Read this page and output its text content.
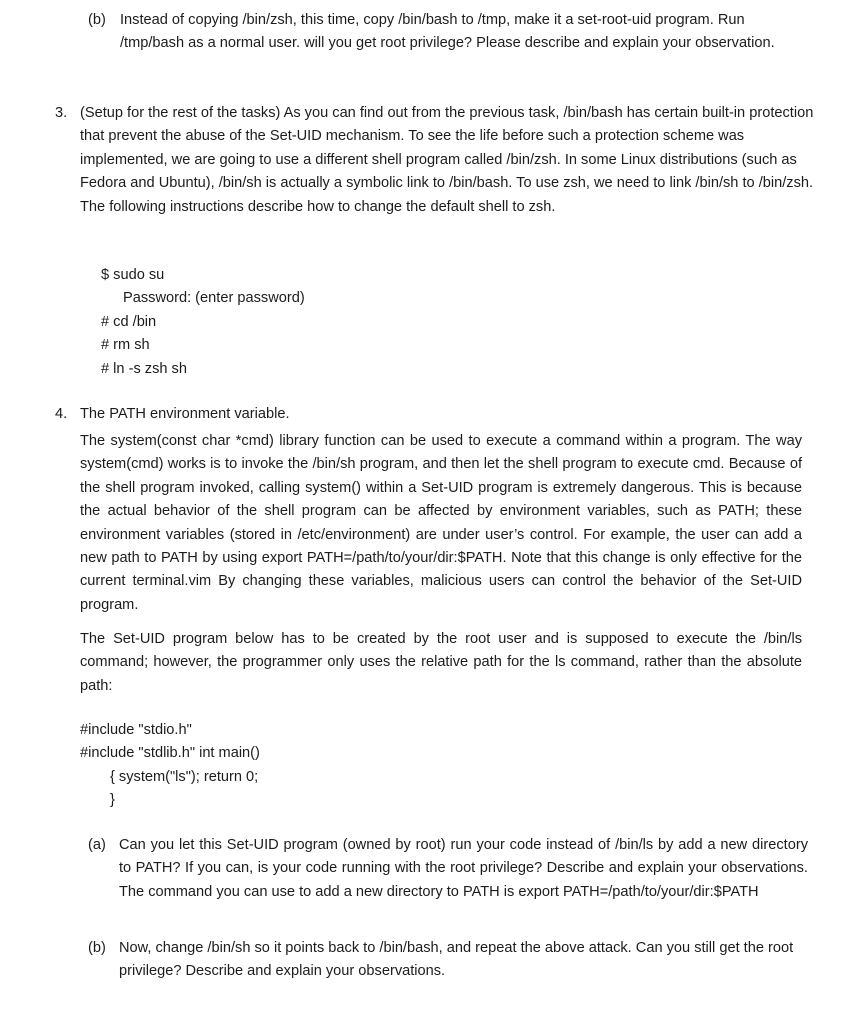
(b) Instead of copying /bin/zsh, this time, copy /bin/bash to /tmp, make it a set-root-uid program. Run /tmp/bash as a normal user. will you get root privilege? Please describe and explain your observation.

3. (Setup for the rest of the tasks) As you can find out from the previous task, /bin/bash has certain built-in protection that prevent the abuse of the Set-UID mechanism. To see the life before such a protection scheme was implemented, we are going to use a different shell program called /bin/zsh. In some Linux distributions (such as Fedora and Ubuntu), /bin/sh is actually a symbolic link to /bin/bash. To use zsh, we need to link /bin/sh to /bin/zsh. The following instructions describe how to change the default shell to zsh.

$ sudo su
Password: (enter password)
# cd /bin
# rm sh
# ln -s zsh sh
4. The PATH environment variable.

The system(const char *cmd) library function can be used to execute a command within a program. The way system(cmd) works is to invoke the /bin/sh program, and then let the shell program to execute cmd. Because of the shell program invoked, calling system() within a Set-UID program is extremely dangerous. This is because the actual behavior of the shell program can be affected by environment variables, such as PATH; these environment variables (stored in /etc/environment) are under user’s control. For example, the user can add a new path to PATH by using export PATH=/path/to/your/dir:$PATH. Note that this change is only effective for the current terminal.vim By changing these variables, malicious users can control the behavior of the Set-UID program.

The Set-UID program below has to be created by the root user and is supposed to execute the /bin/ls command; however, the programmer only uses the relative path for the ls command, rather than the absolute path:

#include "stdio.h"
#include "stdlib.h" int main()
{ system("ls"); return 0;
}
(a) Can you let this Set-UID program (owned by root) run your code instead of /bin/ls by add a new directory to PATH? If you can, is your code running with the root privilege? Describe and explain your observations. The command you can use to add a new directory to PATH is export PATH=/path/to/your/dir:$PATH

(b) Now, change /bin/sh so it points back to /bin/bash, and repeat the above attack. Can you still get the root privilege? Describe and explain your observations.
